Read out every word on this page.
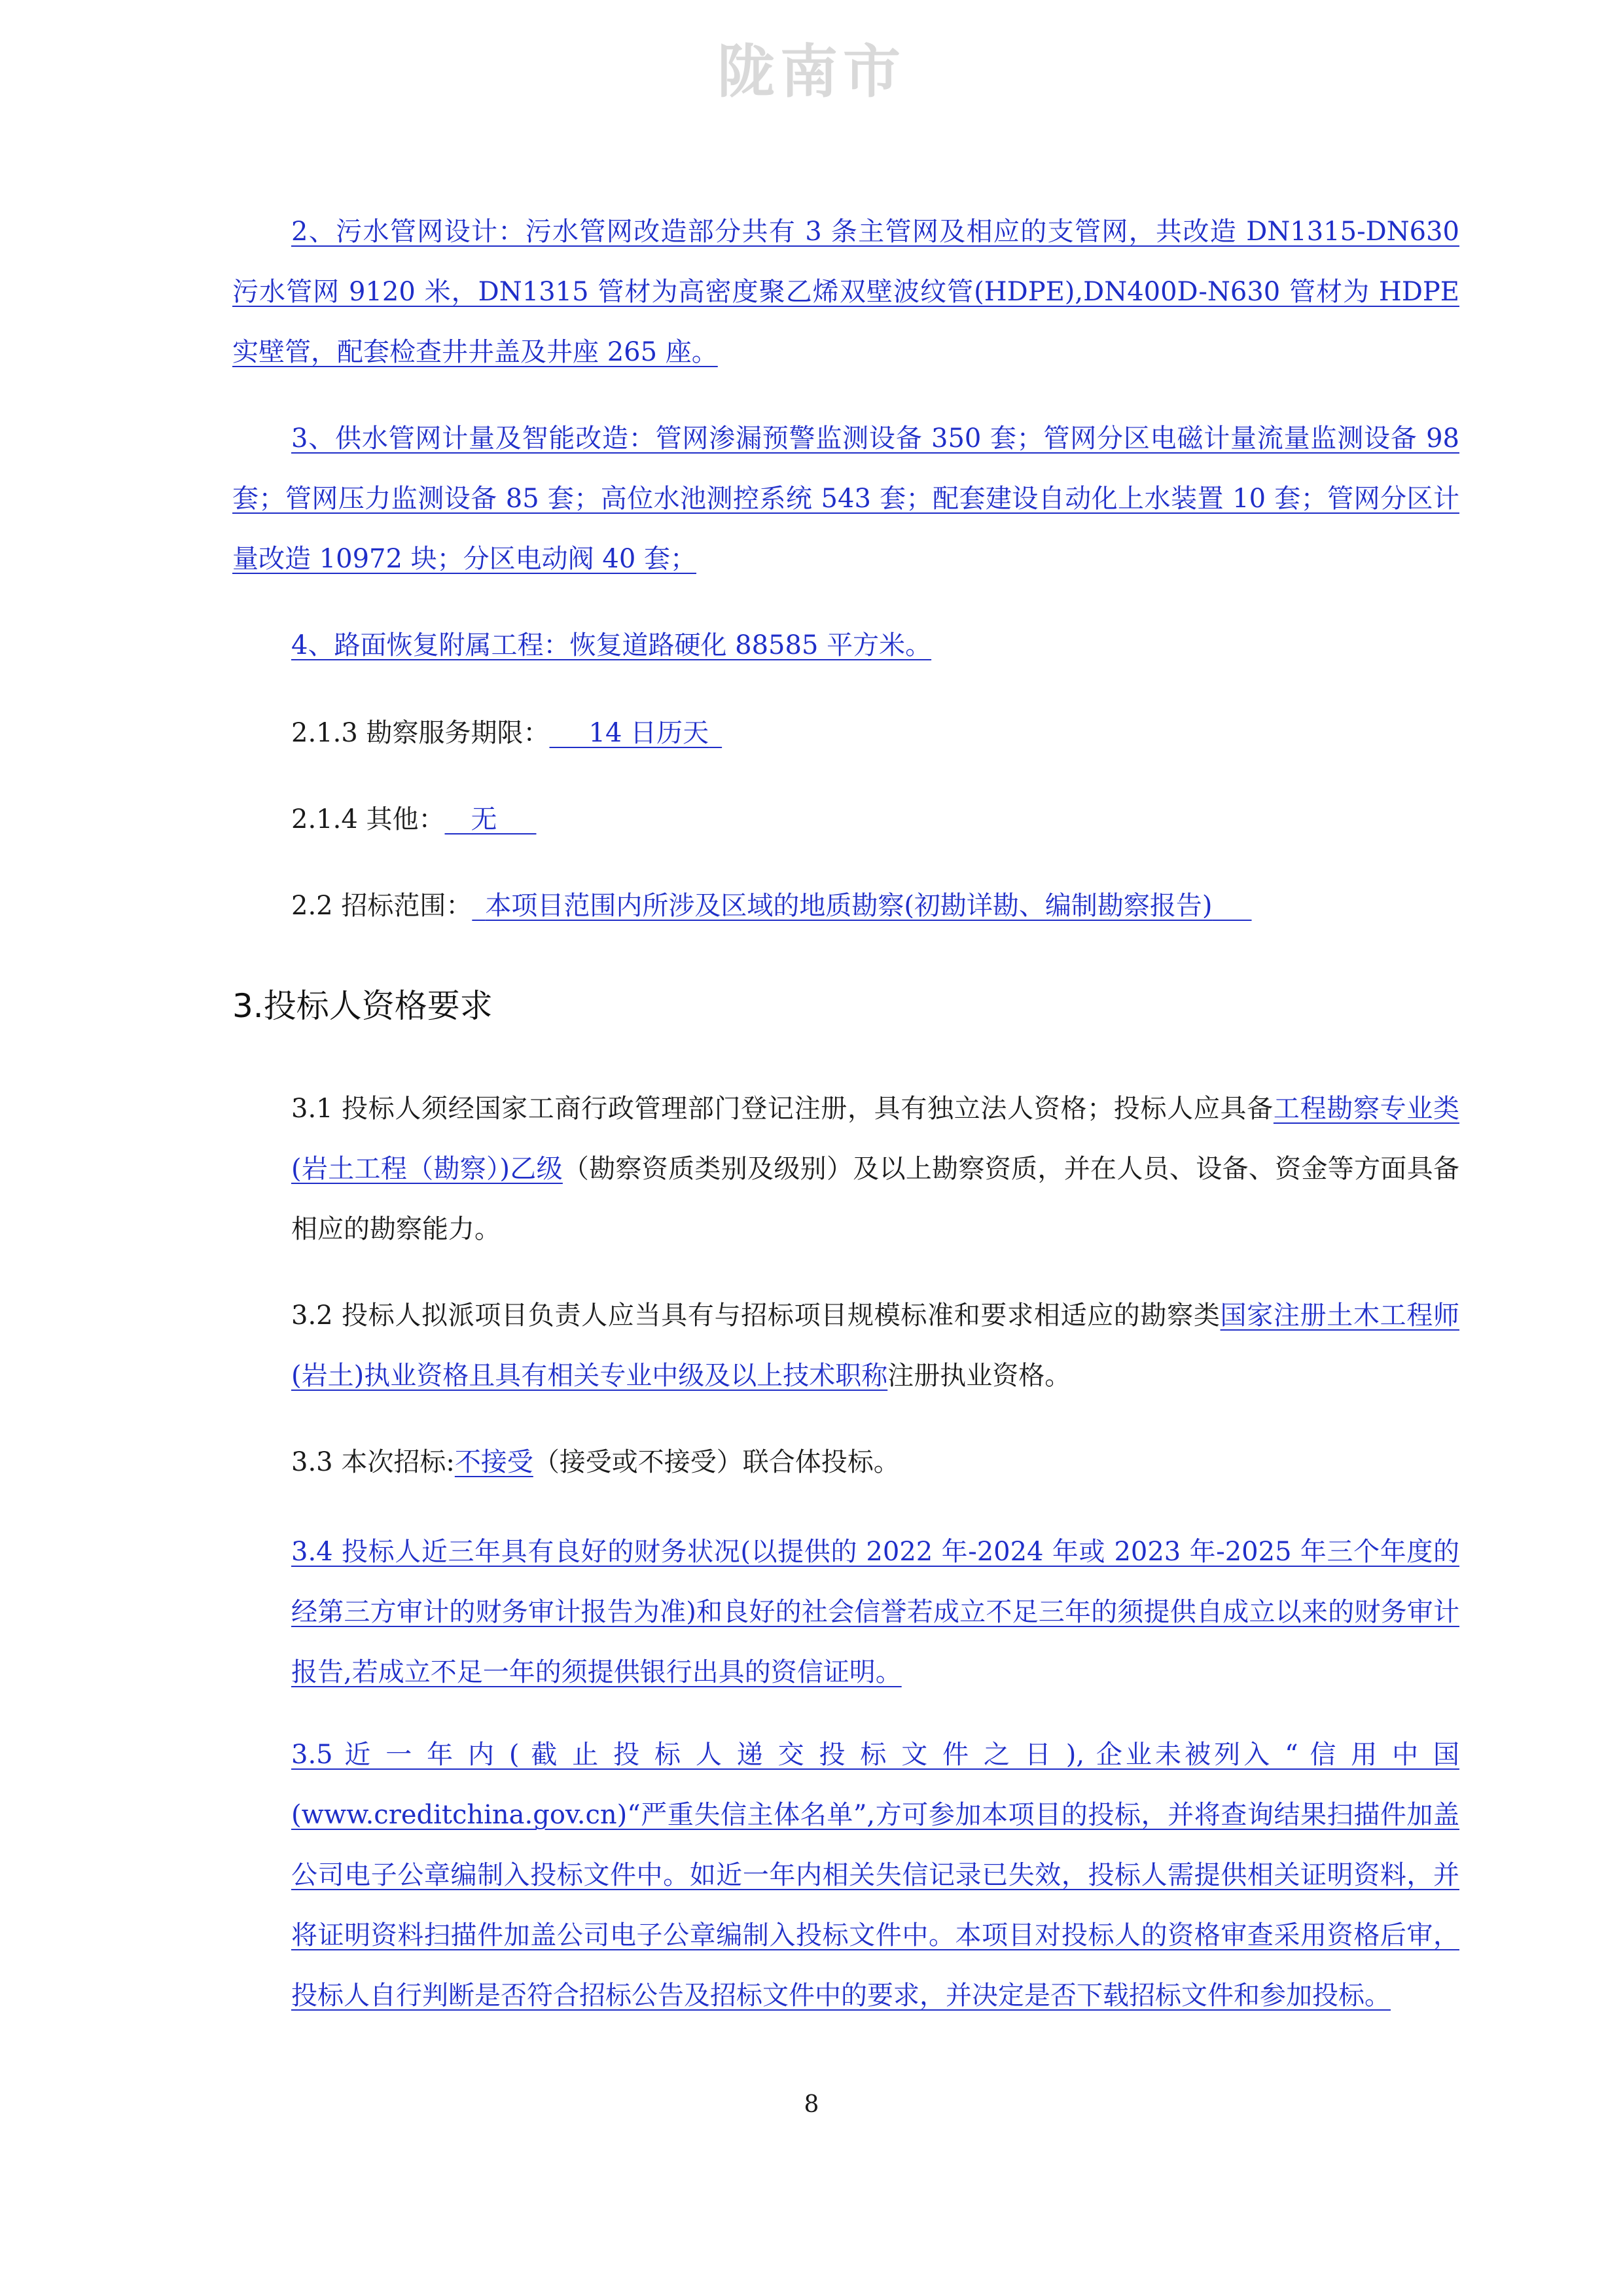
陇南市

2、污水管网设计：污水管网改造部分共有 3 条主管网及相应的支管网，共改造 DN1315-DN630 污水管网 9120 米，DN1315 管材为高密度聚乙烯双壁波纹管(HDPE),DN400D-N630 管材为 HDPE 实壁管，配套检查井井盖及井座 265 座。

3、供水管网计量及智能改造：管网渗漏预警监测设备 350 套；管网分区电磁计量流量监测设备 98 套；管网压力监测设备 85 套；高位水池测控系统 543 套；配套建设自动化上水装置 10 套；管网分区计量改造 10972 块；分区电动阀 40 套；

4、路面恢复附属工程：恢复道路硬化 88585 平方米。

2.1.3 勘察服务期限：   14 日历天 
2.1.4 其他：   无  
2.2 招标范围：  本项目范围内所涉及区域的地质勘察(初勘详勘、编制勘察报告)  
3.投标人资格要求

3.1 投标人须经国家工商行政管理部门登记注册，具有独立法人资格；投标人应具备工程勘察专业类(岩土工程（勘察）)乙级（勘察资质类别及级别）及以上勘察资质，并在人员、设备、资金等方面具备相应的勘察能力。

3.2 投标人拟派项目负责人应当具有与招标项目规模标准和要求相适应的勘察类国家注册土木工程师(岩土)执业资格且具有相关专业中级及以上技术职称注册执业资格。

3.3 本次招标:不接受（接受或不接受）联合体投标。

3.4 投标人近三年具有良好的财务状况(以提供的 2022 年-2024 年或 2023 年-2025 年三个年度的经第三方审计的财务审计报告为准)和良好的社会信誉若成立不足三年的须提供自成立以来的财务审计报告,若成立不足一年的须提供银行出具的资信证明。

3.5 近 一 年 内 ( 截 止 投 标 人 递 交 投 标 文 件 之 日 ), 企业未被列入 “ 信 用 中 国(www.creditchina.gov.cn)“严重失信主体名单”,方可参加本项目的投标，并将查询结果扫描件加盖公司电子公章编制入投标文件中。如近一年内相关失信记录已失效，投标人需提供相关证明资料，并将证明资料扫描件加盖公司电子公章编制入投标文件中。本项目对投标人的资格审查采用资格后审，投标人自行判断是否符合招标公告及招标文件中的要求，并决定是否下载招标文件和参加投标。

8
